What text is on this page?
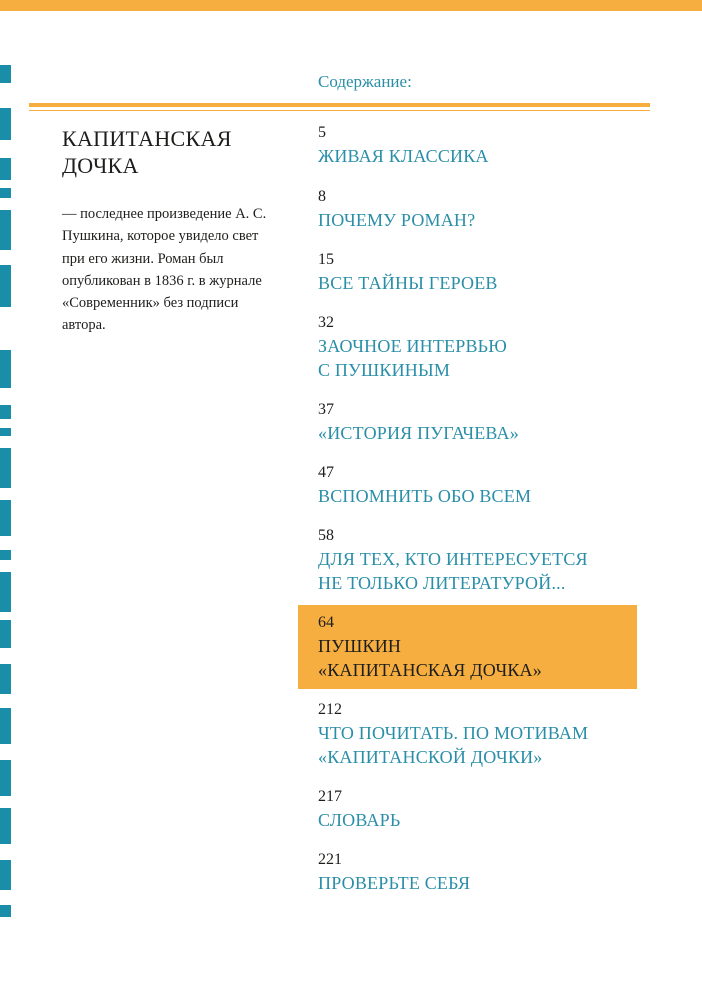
Содержание:
КАПИТАНСКАЯ ДОЧКА

— последнее произведение А. С. Пушкина, которое увидело свет при его жизни. Роман был опубликован в 1836 г. в журнале «Современник» без подписи автора.

5
ЖИВАЯ КЛАССИКА
8
ПОЧЕМУ РОМАН?
15
ВСЕ ТАЙНЫ ГЕРОЕВ
32
ЗАОЧНОЕ ИНТЕРВЬЮ
С ПУШКИНЫМ
37
«ИСТОРИЯ ПУГАЧЕВА»
47
ВСПОМНИТЬ ОБО ВСЕМ
58
ДЛЯ ТЕХ, КТО ИНТЕРЕСУЕТСЯ
НЕ ТОЛЬКО ЛИТЕРАТУРОЙ...
64
ПУШКИН
«КАПИТАНСКАЯ ДОЧКА»
212
ЧТО ПОЧИТАТЬ. ПО МОТИВАМ
«КАПИТАНСКОЙ ДОЧКИ»
217
СЛОВАРЬ
221
ПРОВЕРЬТЕ СЕБЯ
